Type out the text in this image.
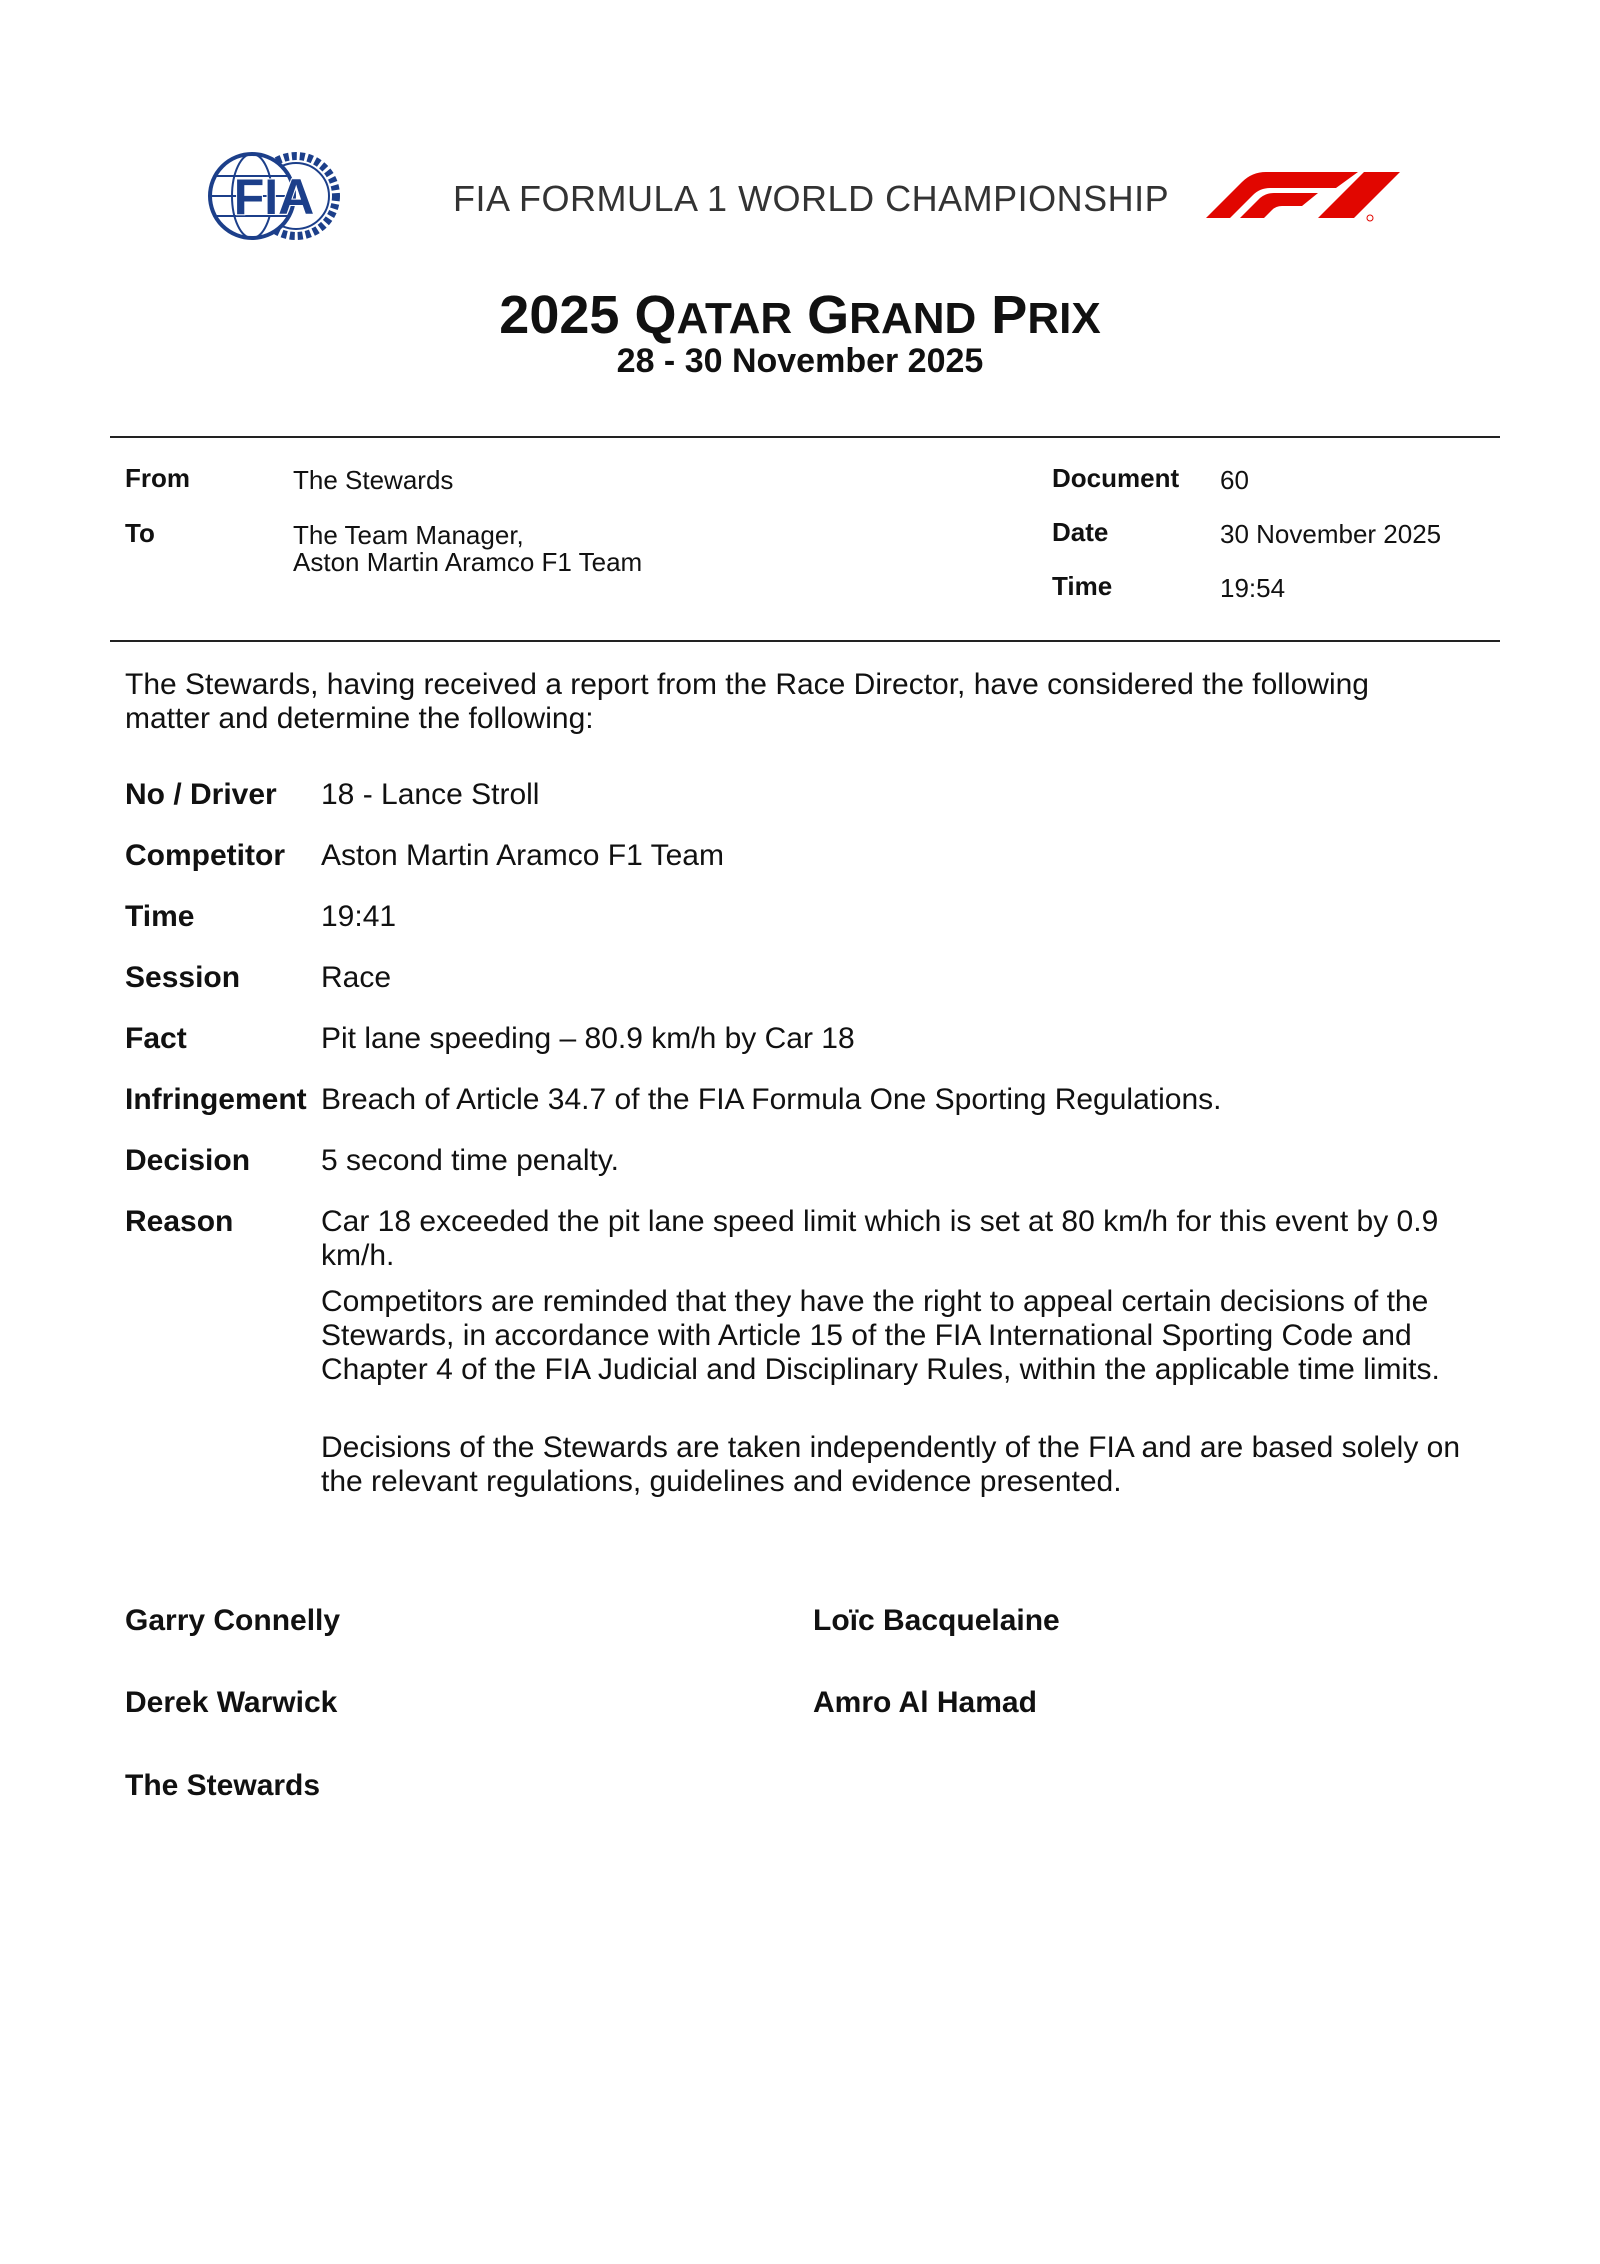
FIA	FIA FORMULA 1 WORLD CHAMPIONSHIP
F1
2025 QATAR GRAND PRIX
28 - 30 November 2025
From	The Stewards
To	The Team Manager,
Aston Martin Aramco F1 Team
Document 60
Date	30 November 2025
Time	19:54
The Stewards, having received a report from the Race Director, have considered the following matter and determine the following:
No / Driver 18 - Lance Stroll
Competitor Aston Martin Aramco F1 Team
Time	19:41
Session	Race
Fact	Pit lane speeding – 80.9 km/h by Car 18
Infringement Breach of Article 34.7 of the FIA Formula One Sporting Regulations.
Decision 5 second time penalty.
Reason	Car 18 exceeded the pit lane speed limit which is set at 80 km/h for this event by 0.9 km/h.
Competitors are reminded that they have the right to appeal certain decisions of the Stewards, in accordance with Article 15 of the FIA International Sporting Code and Chapter 4 of the FIA Judicial and Disciplinary Rules, within the applicable time limits.
Decisions of the Stewards are taken independently of the FIA and are based solely on the relevant regulations, guidelines and evidence presented.
Garry Connelly	Loïc Bacquelaine
Derek Warwick	Amro Al Hamad
The Stewards
